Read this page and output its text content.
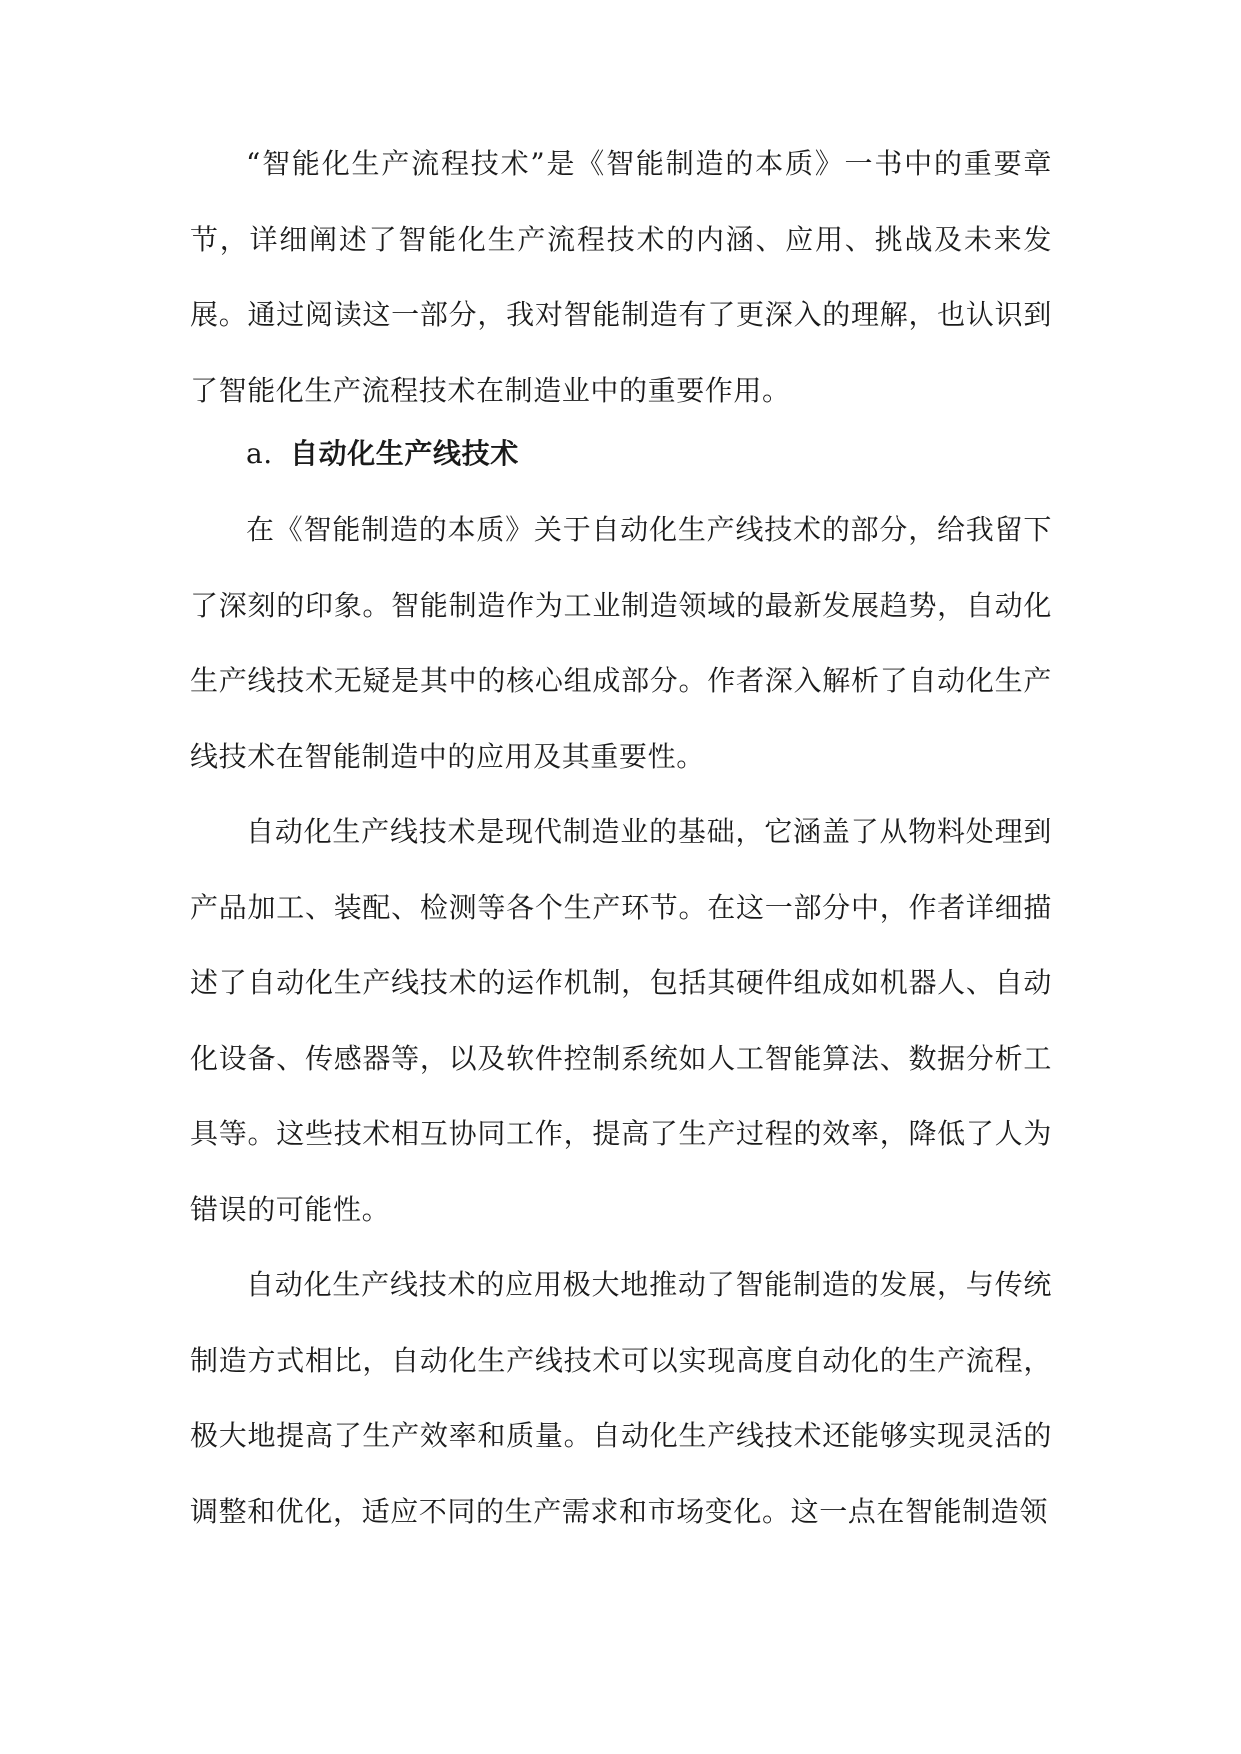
“智能化生产流程技术”是《智能制造的本质》一书中的重要章节，详细阐述了智能化生产流程技术的内涵、应用、挑战及未来发展。通过阅读这一部分，我对智能制造有了更深入的理解，也认识到了智能化生产流程技术在制造业中的重要作用。

a. 自动化生产线技术

在《智能制造的本质》关于自动化生产线技术的部分，给我留下了深刻的印象。智能制造作为工业制造领域的最新发展趋势，自动化生产线技术无疑是其中的核心组成部分。作者深入解析了自动化生产线技术在智能制造中的应用及其重要性。

自动化生产线技术是现代制造业的基础，它涵盖了从物料处理到产品加工、装配、检测等各个生产环节。在这一部分中，作者详细描述了自动化生产线技术的运作机制，包括其硬件组成如机器人、自动化设备、传感器等，以及软件控制系统如人工智能算法、数据分析工具等。这些技术相互协同工作，提高了生产过程的效率，降低了人为错误的可能性。

自动化生产线技术的应用极大地推动了智能制造的发展，与传统制造方式相比，自动化生产线技术可以实现高度自动化的生产流程，极大地提高了生产效率和质量。自动化生产线技术还能够实现灵活的调整和优化，适应不同的生产需求和市场变化。这一点在智能制造领
